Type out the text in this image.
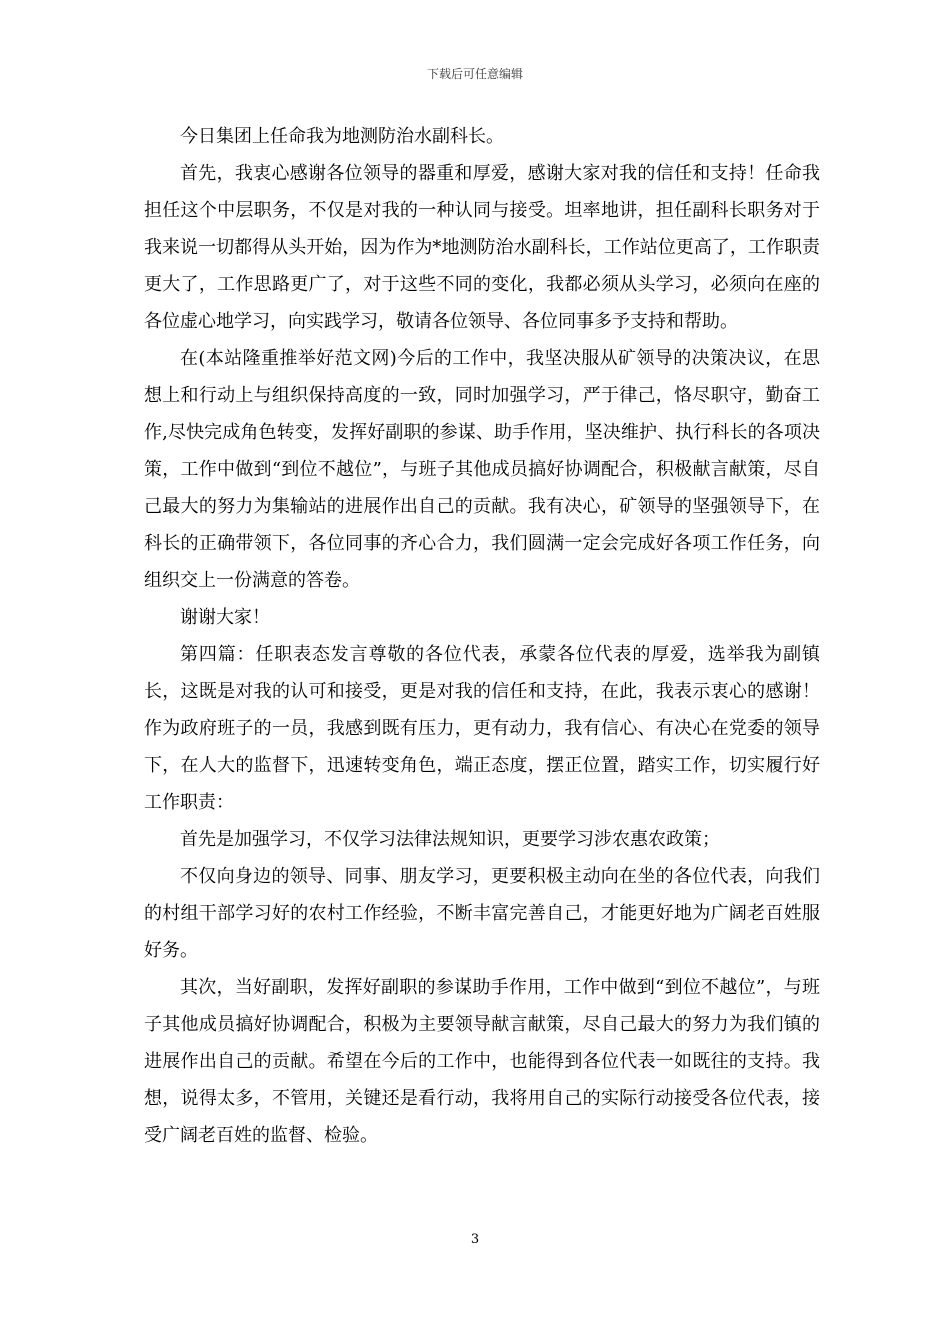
下载后可任意编辑

今日集团上任命我为地测防治水副科长。

首先，我衷心感谢各位领导的器重和厚爱，感谢大家对我的信任和支持！任命我担任这个中层职务，不仅是对我的一种认同与接受。坦率地讲，担任副科长职务对于我来说一切都得从头开始，因为作为*地测防治水副科长，工作站位更高了，工作职责更大了，工作思路更广了，对于这些不同的变化，我都必须从头学习，必须向在座的各位虚心地学习，向实践学习，敬请各位领导、各位同事多予支持和帮助。

在(本站隆重推举好范文网)今后的工作中，我坚决服从矿领导的决策决议，在思想上和行动上与组织保持高度的一致，同时加强学习，严于律己，恪尽职守，勤奋工作,尽快完成角色转变，发挥好副职的参谋、助手作用，坚决维护、执行科长的各项决策，工作中做到“到位不越位”，与班子其他成员搞好协调配合，积极献言献策，尽自己最大的努力为集输站的进展作出自己的贡献。我有决心，矿领导的坚强领导下，在科长的正确带领下，各位同事的齐心合力，我们圆满一定会完成好各项工作任务，向组织交上一份满意的答卷。

谢谢大家！

第四篇：任职表态发言尊敬的各位代表，承蒙各位代表的厚爱，选举我为副镇长，这既是对我的认可和接受，更是对我的信任和支持，在此，我表示衷心的感谢！作为政府班子的一员，我感到既有压力，更有动力，我有信心、有决心在党委的领导下，在人大的监督下，迅速转变角色，端正态度，摆正位置，踏实工作，切实履行好工作职责：

首先是加强学习，不仅学习法律法规知识，更要学习涉农惠农政策；

不仅向身边的领导、同事、朋友学习，更要积极主动向在坐的各位代表，向我们的村组干部学习好的农村工作经验，不断丰富完善自己，才能更好地为广阔老百姓服好务。

其次，当好副职，发挥好副职的参谋助手作用，工作中做到“到位不越位”，与班子其他成员搞好协调配合，积极为主要领导献言献策，尽自己最大的努力为我们镇的进展作出自己的贡献。希望在今后的工作中，也能得到各位代表一如既往的支持。我想，说得太多，不管用，关键还是看行动，我将用自己的实际行动接受各位代表，接受广阔老百姓的监督、检验。

3
